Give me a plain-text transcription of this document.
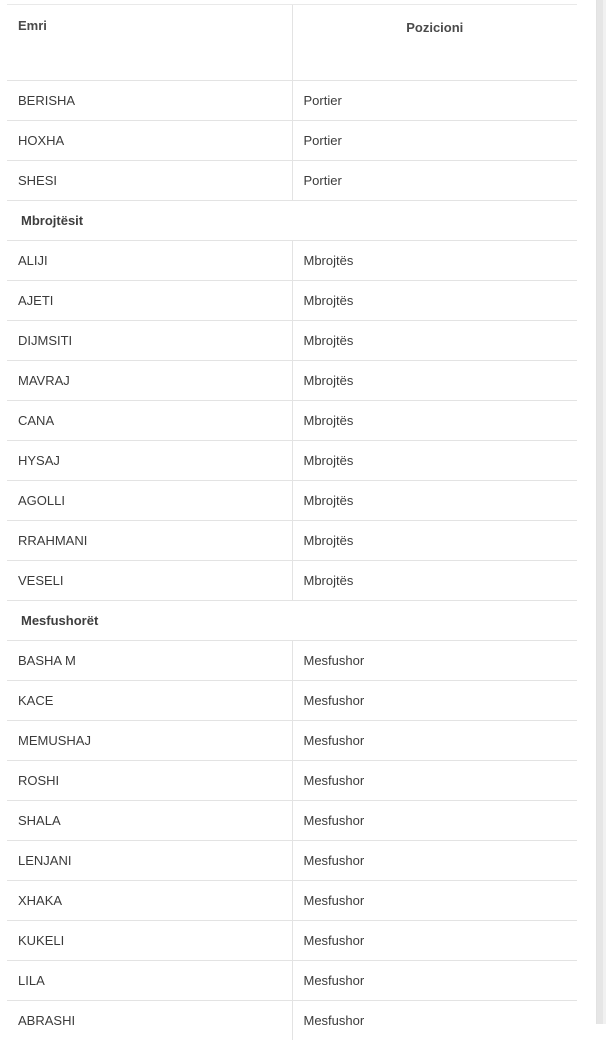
Emri	Pozicioni
BERISHA	Portier
HOXHA	Portier
SHESI	Portier
Mbrojtësit	
ALIJI	Mbrojtës
AJETI	Mbrojtës
DIJMSITI	Mbrojtës
MAVRAJ	Mbrojtës
CANA	Mbrojtës
HYSAJ	Mbrojtës
AGOLLI	Mbrojtës
RRAHMANI	Mbrojtës
VESELI	Mbrojtës
Mesfushorët	
BASHA M	Mesfushor
KACE	Mesfushor
MEMUSHAJ	Mesfushor
ROSHI	Mesfushor
SHALA	Mesfushor
LENJANI	Mesfushor
XHAKA	Mesfushor
KUKELI	Mesfushor
LILA	Mesfushor
ABRASHI	Mesfushor
